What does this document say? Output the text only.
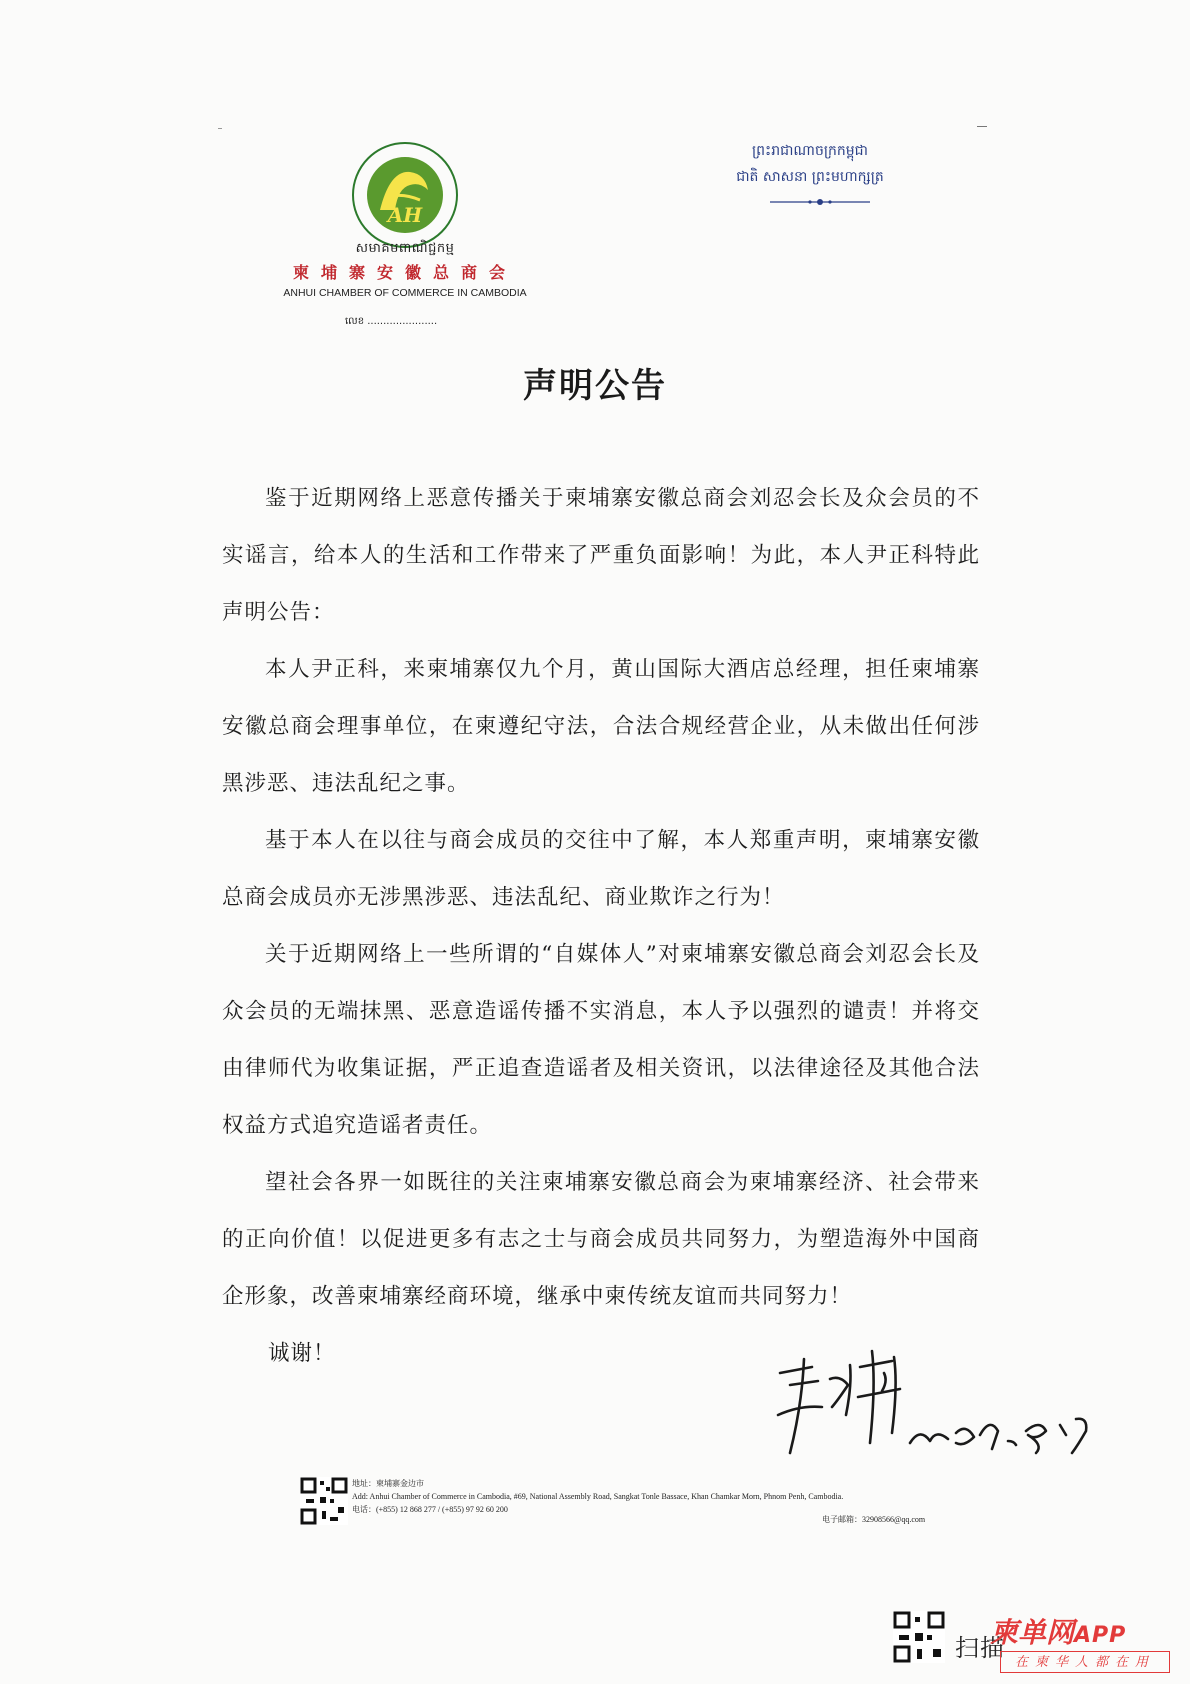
AH
សមាគមពាណិជ្ជកម្ម
柬埔寨安徽总商会
ANHUI CHAMBER OF COMMERCE IN CAMBODIA
លេខ ......................
ព្រះរាជាណាចក្រកម្ពុជា
ជាតិ សាសនា ព្រះមហាក្សត្រ
声明公告

鉴于近期网络上恶意传播关于柬埔寨安徽总商会刘忍会长及众会员的不实谣言，给本人的生活和工作带来了严重负面影响！为此，本人尹正科特此声明公告：

本人尹正科，来柬埔寨仅九个月，黄山国际大酒店总经理，担任柬埔寨安徽总商会理事单位，在柬遵纪守法，合法合规经营企业，从未做出任何涉黑涉恶、违法乱纪之事。

基于本人在以往与商会成员的交往中了解，本人郑重声明，柬埔寨安徽总商会成员亦无涉黑涉恶、违法乱纪、商业欺诈之行为！

关于近期网络上一些所谓的“自媒体人”对柬埔寨安徽总商会刘忍会长及众会员的无端抹黑、恶意造谣传播不实消息，本人予以强烈的谴责！并将交由律师代为收集证据，严正追查造谣者及相关资讯，以法律途径及其他合法权益方式追究造谣者责任。

望社会各界一如既往的关注柬埔寨安徽总商会为柬埔寨经济、社会带来的正向价值！以促进更多有志之士与商会成员共同努力，为塑造海外中国商企形象，改善柬埔寨经商环境，继承中柬传统友谊而共同努力！

诚谢！
地址：柬埔寨金边市
Add: Anhui Chamber of Commerce in Cambodia, #69, National Assembly Road, Sangkat Tonle Bassace, Khan Chamkar Morn, Phnom Penh, Cambodia.
电话：(+855) 12 868 277 / (+855) 97 92 60 200
电子邮箱：32908566@qq.com
扫描
柬单网APP
在柬华人都在用
